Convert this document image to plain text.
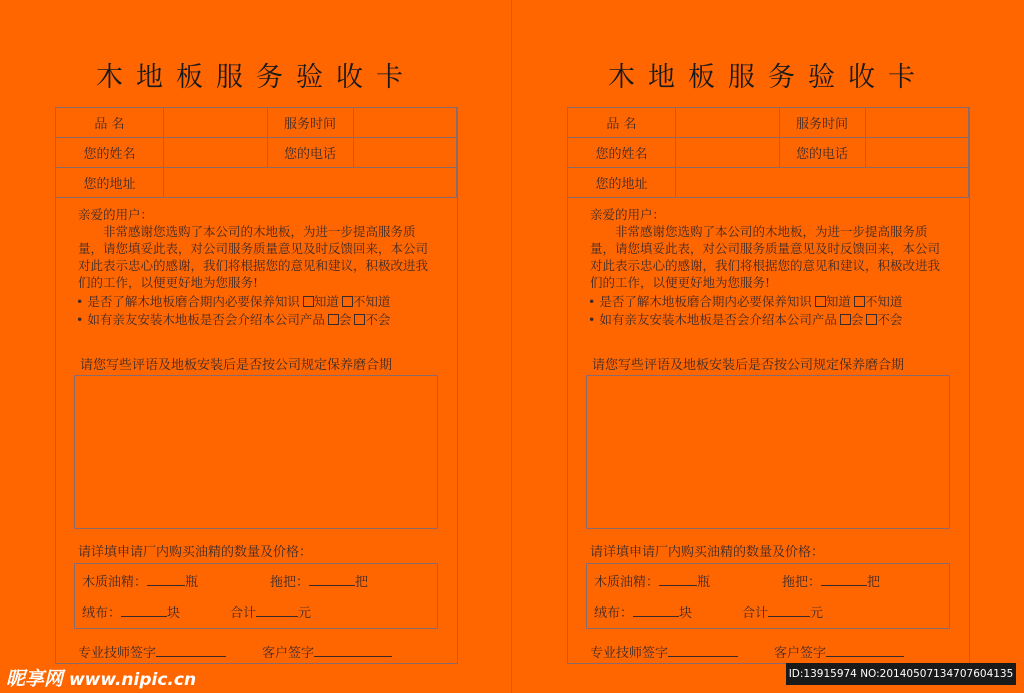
木地板服务验收卡
品 名		服务时间	
您的姓名		您的电话	
您的地址			

亲爱的用户：

非常感谢您选购了本公司的木地板，为进一步提高服务质量，请您填妥此表，对公司服务质量意见及时反馈回来，本公司对此表示忠心的感谢，我们将根据您的意见和建议，积极改进我们的工作，以便更好地为您服务!

• 是否了解木地板磨合期内必要保养知识 知道 不知道
• 如有亲友安装木地板是否会介绍本公司产品 会 不会
请您写些评语及地板安装后是否按公司规定保养磨合期
请详填申请厂内购买油精的数量及价格：
木质油精：	瓶	拖把：	把
绒布：	块	合计	元
专业技师签字	客户签字
木地板服务验收卡
品 名		服务时间	
您的姓名		您的电话	
您的地址			

亲爱的用户：

非常感谢您选购了本公司的木地板，为进一步提高服务质量，请您填妥此表，对公司服务质量意见及时反馈回来，本公司对此表示忠心的感谢，我们将根据您的意见和建议，积极改进我们的工作，以便更好地为您服务!

• 是否了解木地板磨合期内必要保养知识 知道 不知道
• 如有亲友安装木地板是否会介绍本公司产品 会 不会
请您写些评语及地板安装后是否按公司规定保养磨合期
请详填申请厂内购买油精的数量及价格：
木质油精：	瓶	拖把：	把
绒布：	块	合计	元
专业技师签字	客户签字
昵享网 www.nipic.cn	ID:13915974 NO:20140507134707604135
